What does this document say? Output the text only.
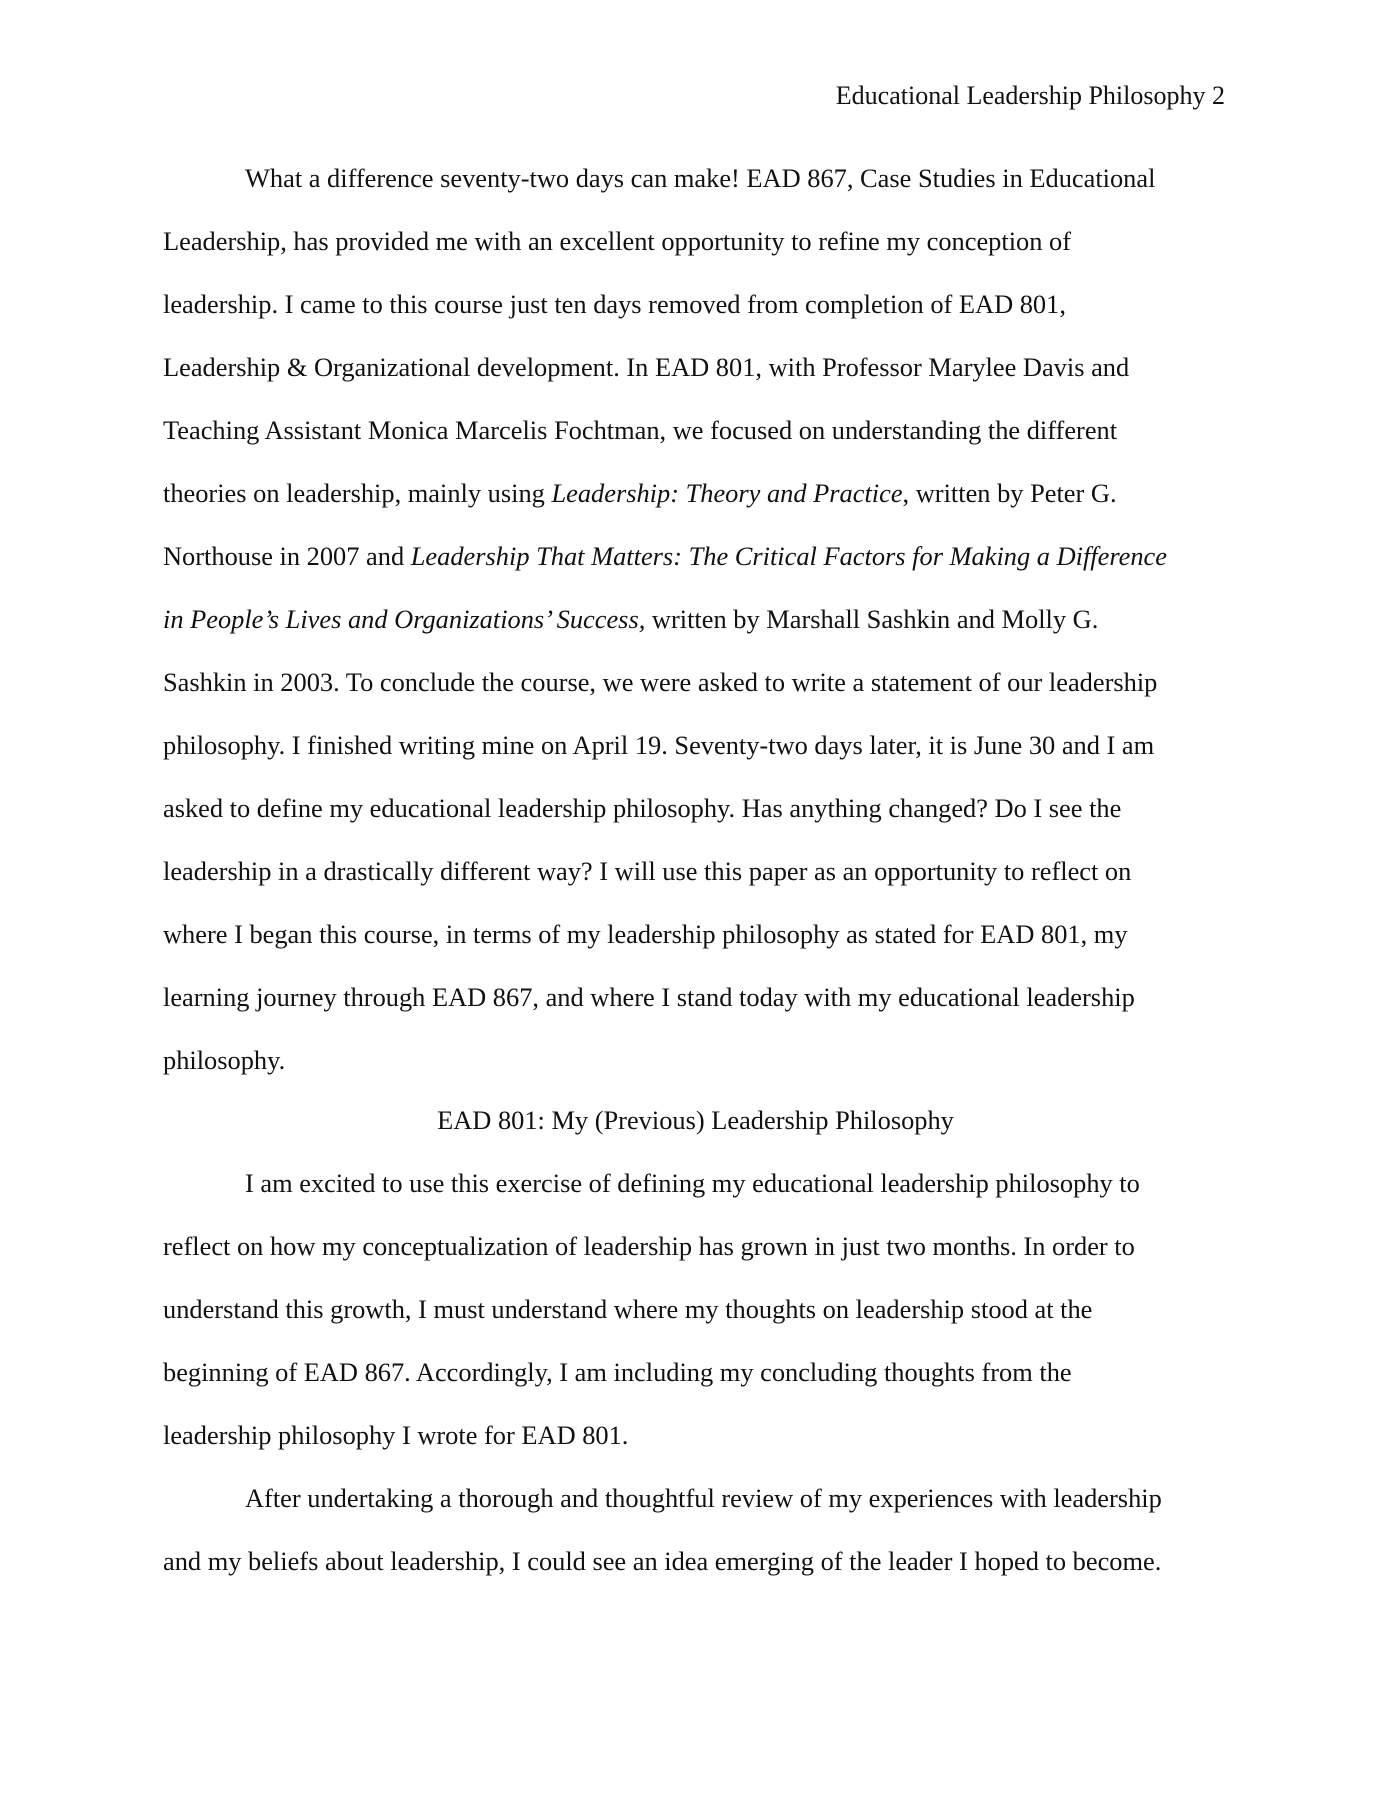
Educational Leadership Philosophy 2
What a difference seventy-two days can make! EAD 867, Case Studies in Educational
Leadership, has provided me with an excellent opportunity to refine my conception of
leadership. I came to this course just ten days removed from completion of EAD 801,
Leadership & Organizational development. In EAD 801, with Professor Marylee Davis and
Teaching Assistant Monica Marcelis Fochtman, we focused on understanding the different
theories on leadership, mainly using Leadership: Theory and Practice, written by Peter G.
Northouse in 2007 and Leadership That Matters: The Critical Factors for Making a Difference
in People’s Lives and Organizations’ Success, written by Marshall Sashkin and Molly G.
Sashkin in 2003. To conclude the course, we were asked to write a statement of our leadership
philosophy. I finished writing mine on April 19. Seventy-two days later, it is June 30 and I am
asked to define my educational leadership philosophy. Has anything changed? Do I see the
leadership in a drastically different way? I will use this paper as an opportunity to reflect on
where I began this course, in terms of my leadership philosophy as stated for EAD 801, my
learning journey through EAD 867, and where I stand today with my educational leadership
philosophy.
EAD 801: My (Previous) Leadership Philosophy
I am excited to use this exercise of defining my educational leadership philosophy to
reflect on how my conceptualization of leadership has grown in just two months. In order to
understand this growth, I must understand where my thoughts on leadership stood at the
beginning of EAD 867. Accordingly, I am including my concluding thoughts from the
leadership philosophy I wrote for EAD 801.
After undertaking a thorough and thoughtful review of my experiences with leadership
and my beliefs about leadership, I could see an idea emerging of the leader I hoped to become.
